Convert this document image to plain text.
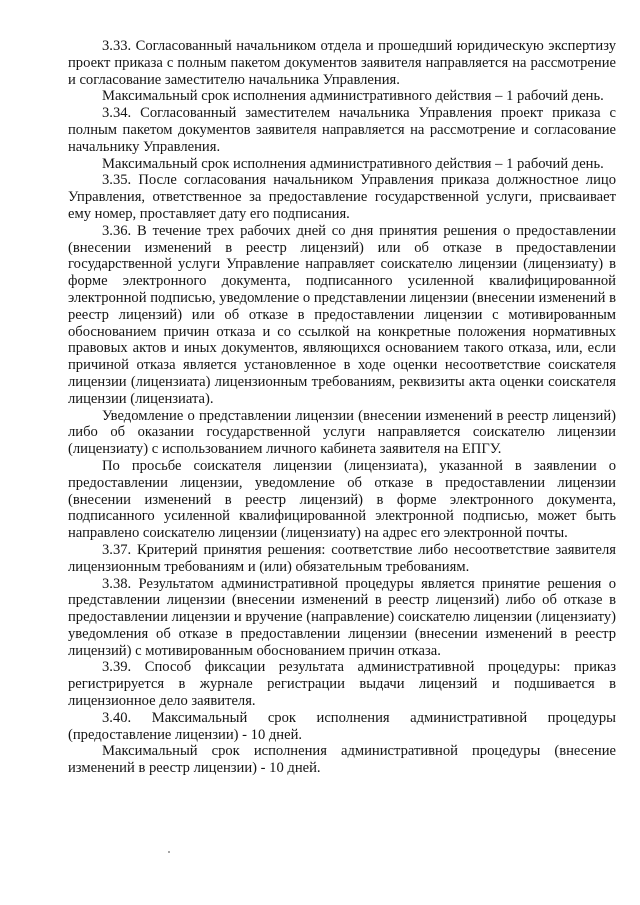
3.33. Согласованный начальником отдела и прошедший юридическую экспертизу проект приказа с полным пакетом документов заявителя направляется на рассмотрение и согласование заместителю начальника Управления.

Максимальный срок исполнения административного действия – 1 рабочий день.

3.34. Согласованный заместителем начальника Управления проект приказа с полным пакетом документов заявителя направляется на рассмотрение и согласование начальнику Управления.

Максимальный срок исполнения административного действия – 1 рабочий день.

3.35. После согласования начальником Управления приказа должностное лицо Управления, ответственное за предоставление государственной услуги, присваивает ему номер, проставляет дату его подписания.

3.36. В течение трех рабочих дней со дня принятия решения о предоставлении (внесении изменений в реестр лицензий) или об отказе в предоставлении государственной услуги Управление направляет соискателю лицензии (лицензиату) в форме электронного документа, подписанного усиленной квалифицированной электронной подписью, уведомление о представлении лицензии (внесении изменений в реестр лицензий) или об отказе в предоставлении лицензии с мотивированным обоснованием причин отказа и со ссылкой на конкретные положения нормативных правовых актов и иных документов, являющихся основанием такого отказа, или, если причиной отказа является установленное в ходе оценки несоответствие соискателя лицензии (лицензиата) лицензионным требованиям, реквизиты акта оценки соискателя лицензии (лицензиата).

Уведомление о представлении лицензии (внесении изменений в реестр лицензий) либо об оказании государственной услуги направляется соискателю лицензии (лицензиату) с использованием личного кабинета заявителя на ЕПГУ.

По просьбе соискателя лицензии (лицензиата), указанной в заявлении о предоставлении лицензии, уведомление об отказе в предоставлении лицензии (внесении изменений в реестр лицензий) в форме электронного документа, подписанного усиленной квалифицированной электронной подписью, может быть направлено соискателю лицензии (лицензиату) на адрес его электронной почты.

3.37. Критерий принятия решения: соответствие либо несоответствие заявителя лицензионным требованиям и (или) обязательным требованиям.

3.38. Результатом административной процедуры является принятие решения о представлении лицензии (внесении изменений в реестр лицензий) либо об отказе в предоставлении лицензии и вручение (направление) соискателю лицензии (лицензиату) уведомления об отказе в предоставлении лицензии (внесении изменений в реестр лицензий) с мотивированным обоснованием причин отказа.

3.39. Способ фиксации результата административной процедуры: приказ регистрируется в журнале регистрации выдачи лицензий и подшивается в лицензионное дело заявителя.

3.40. Максимальный срок исполнения административной процедуры (предоставление лицензии) - 10 дней.

Максимальный срок исполнения административной процедуры (внесение изменений в реестр лицензии) - 10 дней.
